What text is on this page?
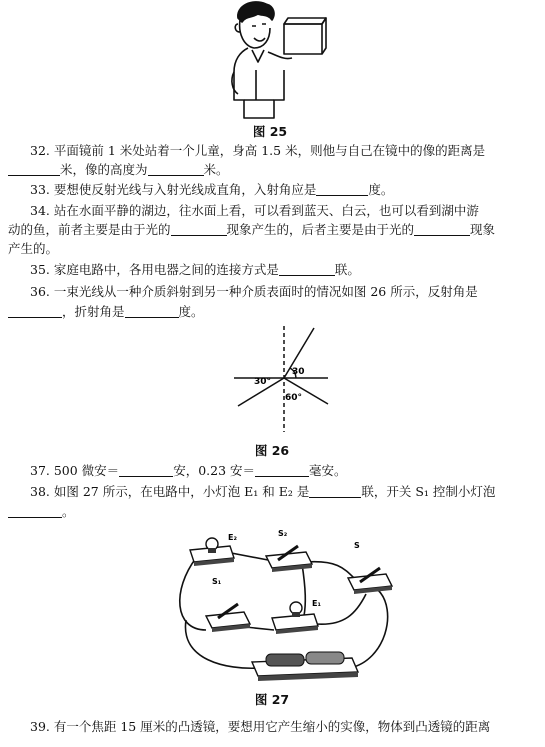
图 25
32. 平面镜前 1 米处站着一个儿童，身高 1.5 米，则他与自己在镜中的像的距离是
米，像的高度为	米。
33. 要想使反射光线与入射光线成直角，入射角应是	度。
34. 站在水面平静的湖边，往水面上看，可以看到蓝天、白云，也可以看到湖中游
动的鱼，前者主要是由于光的	现象产生的，后者主要是由于光的	现象
产生的。
35. 家庭电路中，各用电器之间的连接方式是	联。
36. 一束光线从一种介质斜射到另一种介质表面时的情况如图 26 所示，反射角是
，折射角是	度。
30°
30
60°
图 26
37. 500 微安＝	安，0.23 安＝	毫安。
38. 如图 27 所示，在电路中，小灯泡 E₁ 和 E₂ 是	联，开关 S₁ 控制小灯泡
。
E₂	S₂
S
S₁
E₁
图 27
39. 有一个焦距 15 厘米的凸透镜，要想用它产生缩小的实像，物体到凸透镜的距离
